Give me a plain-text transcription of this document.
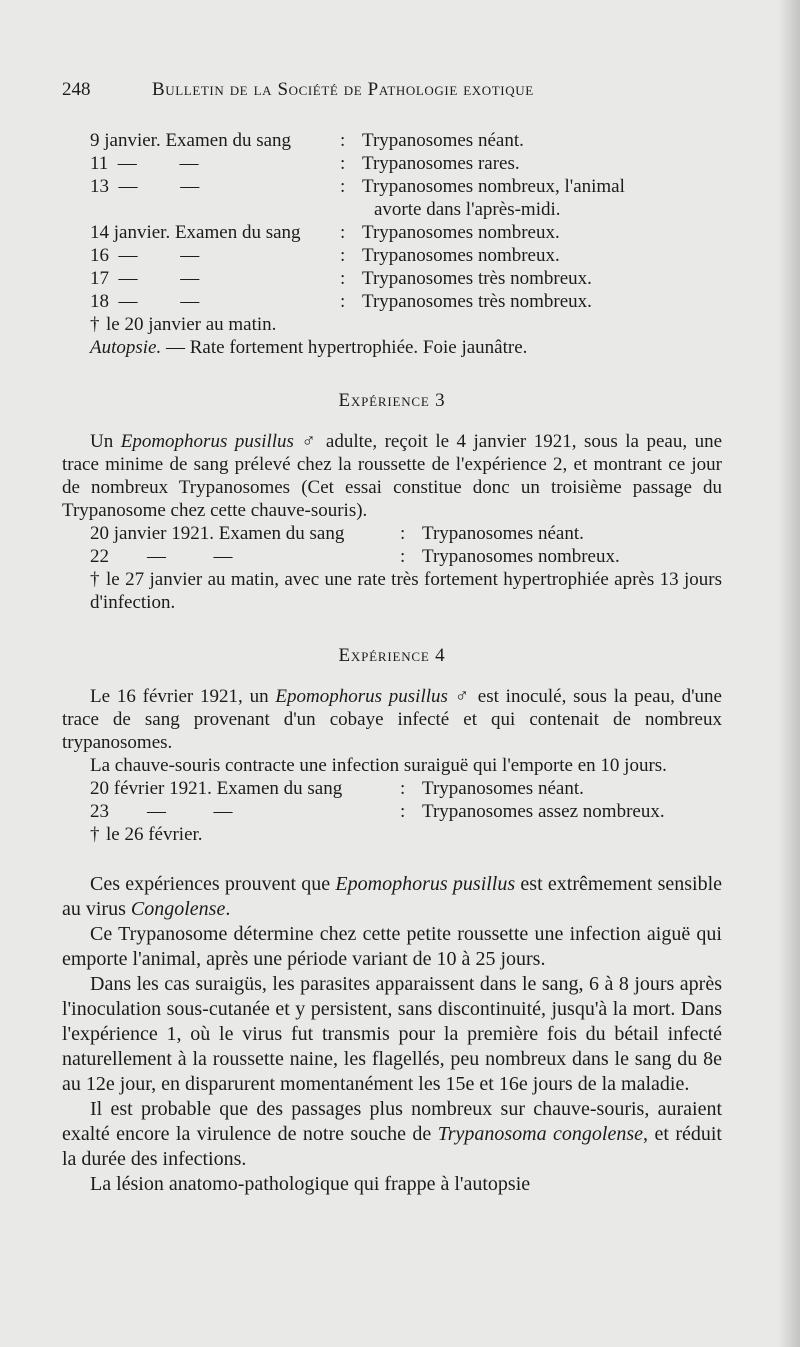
248	Bulletin de la Société de Pathologie exotique
9 janvier. Examen du sang	: Trypanosomes néant.
11  —         —	: Trypanosomes rares.
13  —         —	: Trypanosomes nombreux, l'animal
avorte dans l'après-midi.
14 janvier. Examen du sang	: Trypanosomes nombreux.
16  —         —	: Trypanosomes nombreux.
17  —         —	: Trypanosomes très nombreux.
18  —         —	: Trypanosomes très nombreux.
† le 20 janvier au matin.
Autopsie. — Rate fortement hypertrophiée. Foie jaunâtre.
Expérience 3

Un Epomophorus pusillus ♂ adulte, reçoit le 4 janvier 1921, sous la peau, une trace minime de sang prélevé chez la roussette de l'expérience 2, et montrant ce jour de nombreux Trypanosomes (Cet essai constitue donc un troisième passage du Trypanosome chez cette chauve-souris).

20 janvier 1921. Examen du sang	: Trypanosomes néant.
22        —          —	: Trypanosomes nombreux.

† le 27 janvier au matin, avec une rate très fortement hypertrophiée après 13 jours d'infection.

Expérience 4

Le 16 février 1921, un Epomophorus pusillus ♂ est inoculé, sous la peau, d'une trace de sang provenant d'un cobaye infecté et qui contenait de nombreux trypanosomes.

La chauve-souris contracte une infection suraiguë qui l'emporte en 10 jours.

20 février 1921. Examen du sang	: Trypanosomes néant.
23        —          —	: Trypanosomes assez nombreux.
† le 26 février.

Ces expériences prouvent que Epomophorus pusillus est extrêmement sensible au virus Congolense.

Ce Trypanosome détermine chez cette petite roussette une infection aiguë qui emporte l'animal, après une période variant de 10 à 25 jours.

Dans les cas suraigüs, les parasites apparaissent dans le sang, 6 à 8 jours après l'inoculation sous-cutanée et y persistent, sans discontinuité, jusqu'à la mort. Dans l'expérience 1, où le virus fut transmis pour la première fois du bétail infecté naturellement à la roussette naine, les flagellés, peu nombreux dans le sang du 8e au 12e jour, en disparurent momentanément les 15e et 16e jours de la maladie.

Il est probable que des passages plus nombreux sur chauve-souris, auraient exalté encore la virulence de notre souche de Trypanosoma congolense, et réduit la durée des infections.

La lésion anatomo-pathologique qui frappe à l'autopsie
